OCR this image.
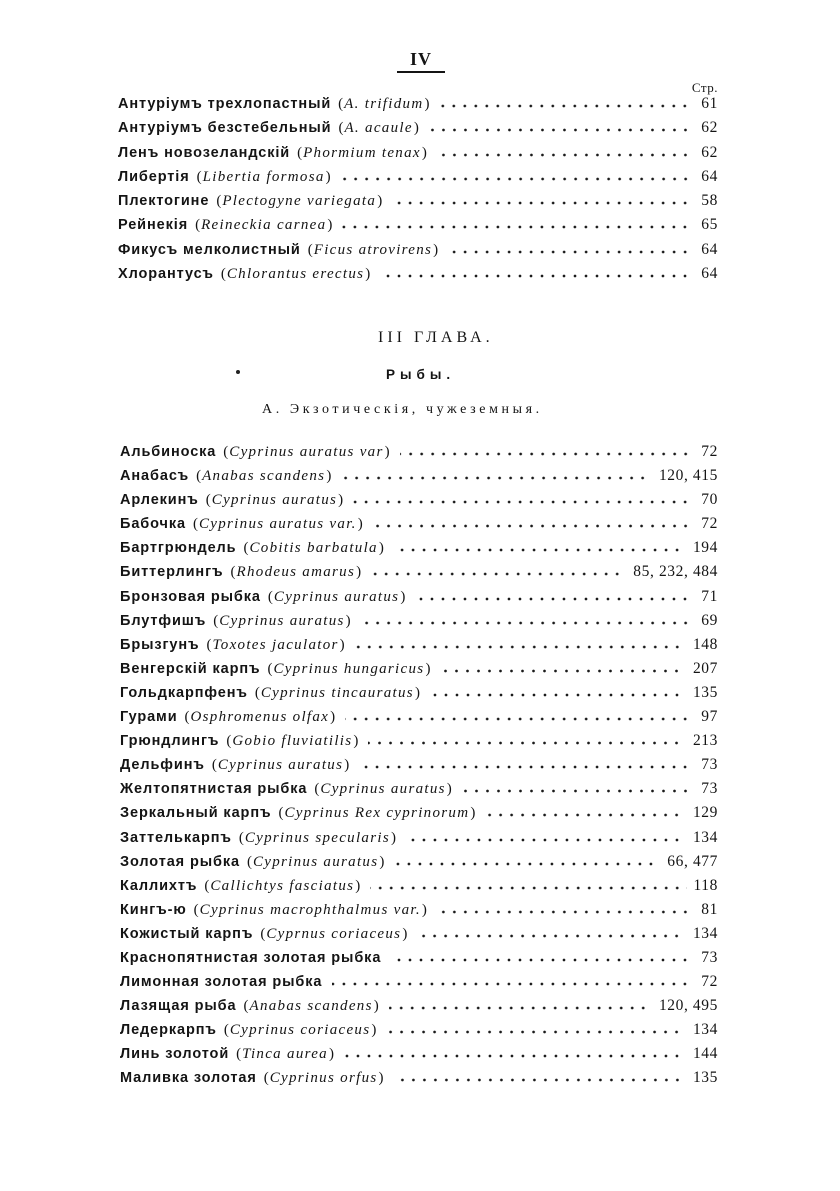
IV
Стр.
Антуріумъ трехлопастный ( A. trifidum )	61
Антуріумъ безстебельный ( A. acaule )	62
Ленъ новозеландскій ( Phormium tenax )	62
Либертія ( Libertia formosa )	64
Плектогине ( Plectogyne variegata )	58
Рейнекія ( Reineckia carnea )	65
Фикусъ мелколистный ( Ficus atrovirens )	64
Хлорантусъ ( Chlorantus erectus )	64
III ГЛАВА.
Рыбы.
А. Экзотическія, чужеземныя.
Альбиноска ( Cyprinus auratus var )	72
Анабасъ ( Anabas scandens )	120, 415
Арлекинъ ( Cyprinus auratus )	70
Бабочка ( Cyprinus auratus var. )	72
Бартгрюндель ( Cobitis barbatula )	194
Биттерлингъ ( Rhodeus amarus )	85, 232, 484
Бронзовая рыбка ( Cyprinus auratus )	71
Блутфишъ ( Cyprinus auratus )	69
Брызгунъ ( Toxotes jaculator )	148
Венгерскій карпъ ( Cyprinus hungaricus )	207
Гольдкарпфенъ ( Cyprinus tincauratus )	135
Гурами ( Osphromenus olfax )	97
Грюндлингъ ( Gobio fluviatilis )	213
Дельфинъ ( Cyprinus auratus )	73
Желтопятнистая рыбка ( Cyprinus auratus )	73
Зеркальный карпъ ( Cyprinus Rex cyprinorum )	129
Заттелькарпъ ( Cyprinus specularis )	134
Золотая рыбка ( Cyprinus auratus )	66, 477
Каллихтъ ( Callichtys fasciatus )	118
Кингъ-ю ( Cyprinus macrophthalmus var. )	81
Кожистый карпъ ( Cyprnus coriaceus )	134
Краснопятнистая золотая рыбка	73
Лимонная золотая рыбка	72
Лазящая рыба ( Anabas scandens )	120, 495
Ледеркарпъ ( Cyprinus coriaceus )	134
Линь золотой ( Tinca aurea )	144
Маливка золотая ( Cyprinus orfus )	135
